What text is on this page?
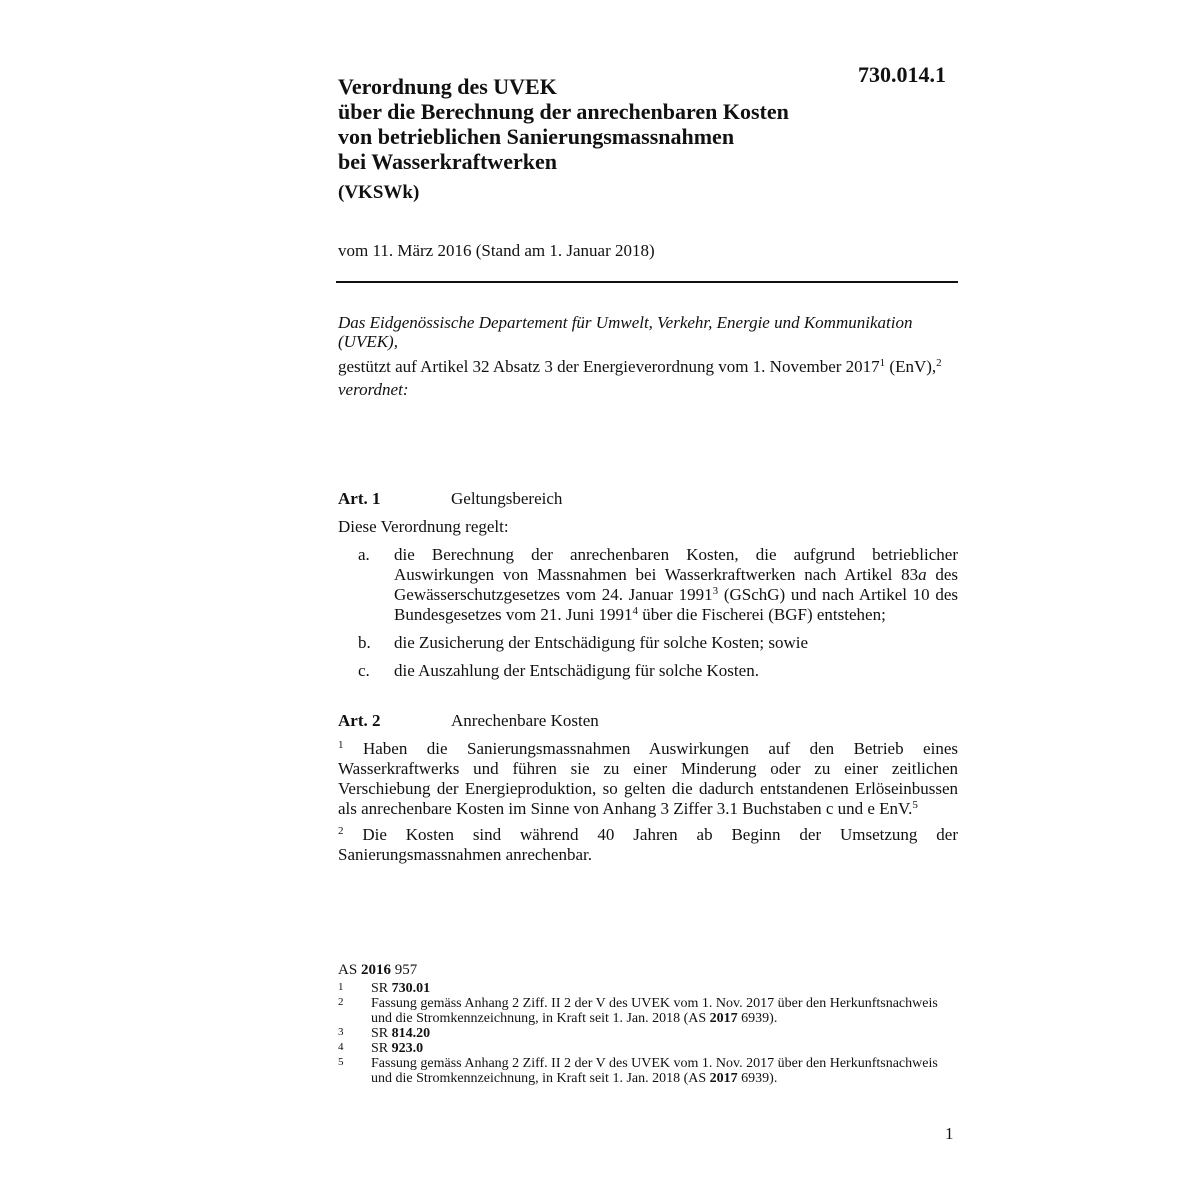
730.014.1

Verordnung des UVEK
über die Berechnung der anrechenbaren Kosten
von betrieblichen Sanierungsmassnahmen
bei Wasserkraftwerken
(VKSWk)

vom 11. März 2016 (Stand am 1. Januar 2018)

Das Eidgenössische Departement für Umwelt, Verkehr, Energie und Kommunikation (UVEK),

gestützt auf Artikel 32 Absatz 3 der Energieverordnung vom 1. November 2017$^1$ (EnV),$^2$

verordnet:

Art. 1	Geltungsbereich

Diese Verordnung regelt:

a.	die Berechnung der anrechenbaren Kosten, die aufgrund betrieblicher Auswirkungen von Massnahmen bei Wasserkraftwerken nach Artikel 83a des Gewässerschutzgesetzes vom 24. Januar 1991$^3$ (GSchG) und nach Artikel 10 des Bundesgesetzes vom 21. Juni 1991$^4$ über die Fischerei (BGF) entstehen;
b.	die Zusicherung der Entschädigung für solche Kosten; sowie
c.	die Auszahlung der Entschädigung für solche Kosten.

Art. 2	Anrechenbare Kosten

$^1$ Haben die Sanierungsmassnahmen Auswirkungen auf den Betrieb eines Wasserkraftwerks und führen sie zu einer Minderung oder zu einer zeitlichen Verschiebung der Energieproduktion, so gelten die dadurch entstandenen Erlöseinbussen als anrechenbare Kosten im Sinne von Anhang 3 Ziffer 3.1 Buchstaben c und e EnV.$^5$

$^2$ Die Kosten sind während 40 Jahren ab Beginn der Umsetzung der Sanierungsmassnahmen anrechenbar.

AS 2016 957

1	SR 730.01
2	Fassung gemäss Anhang 2 Ziff. II 2 der V des UVEK vom 1. Nov. 2017 über den Herkunftsnachweis und die Stromkennzeichnung, in Kraft seit 1. Jan. 2018 (AS 2017 6939).
3	SR 814.20
4	SR 923.0
5	Fassung gemäss Anhang 2 Ziff. II 2 der V des UVEK vom 1. Nov. 2017 über den Herkunftsnachweis und die Stromkennzeichnung, in Kraft seit 1. Jan. 2018 (AS 2017 6939).

1
